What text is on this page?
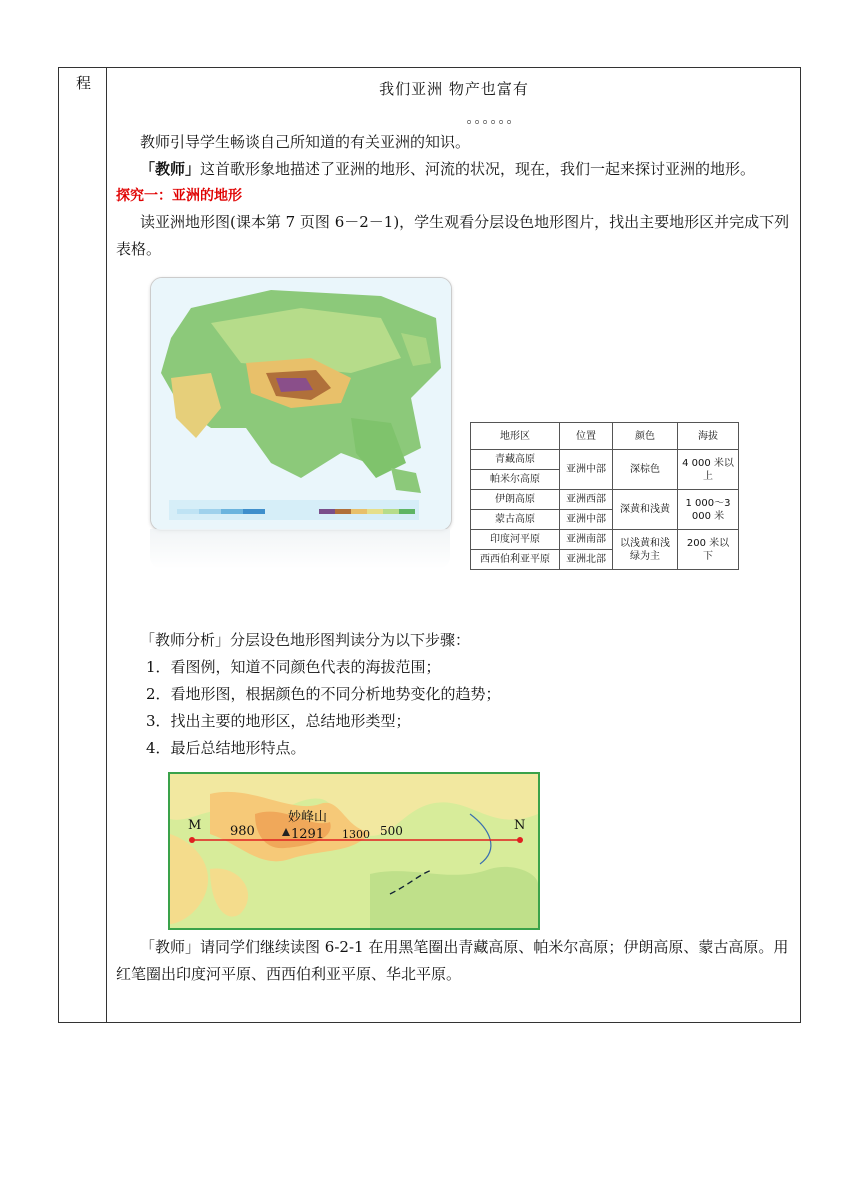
程	我们亚洲 物产也富有
。。。。。。

教师引导学生畅谈自己所知道的有关亚洲的知识。

「教师」这首歌形象地描述了亚洲的地形、河流的状况，现在，我们一起来探讨亚洲的地形。

探究一：亚洲的地形

读亚洲地形图(课本第 7 页图 6－2－1)，学生观看分层设色地形图片，找出主要地形区并完成下列表格。

地形区	位置	颜色	海拔
青藏高原	亚洲中部	深棕色	4 000 米以上
帕米尔高原			
伊朗高原	亚洲西部	深黄和浅黄	1 000～3 000 米
蒙古高原	亚洲中部		
印度河平原	亚洲南部	以浅黄和浅绿为主	200 米以下
西西伯利亚平原	亚洲北部		

「教师分析」分层设色地形图判读分为以下步骤：

1．看图例，知道不同颜色代表的海拔范围；

2．看地形图，根据颜色的不同分析地势变化的趋势；

3．找出主要的地形区，总结地形类型；

4．最后总结地形特点。

M	N
980
妙峰山
1291 1300 500

「教师」请同学们继续读图 6-2-1 在用黑笔圈出青藏高原、帕米尔高原；伊朗高原、蒙古高原。用红笔圈出印度河平原、西西伯利亚平原、华北平原。
